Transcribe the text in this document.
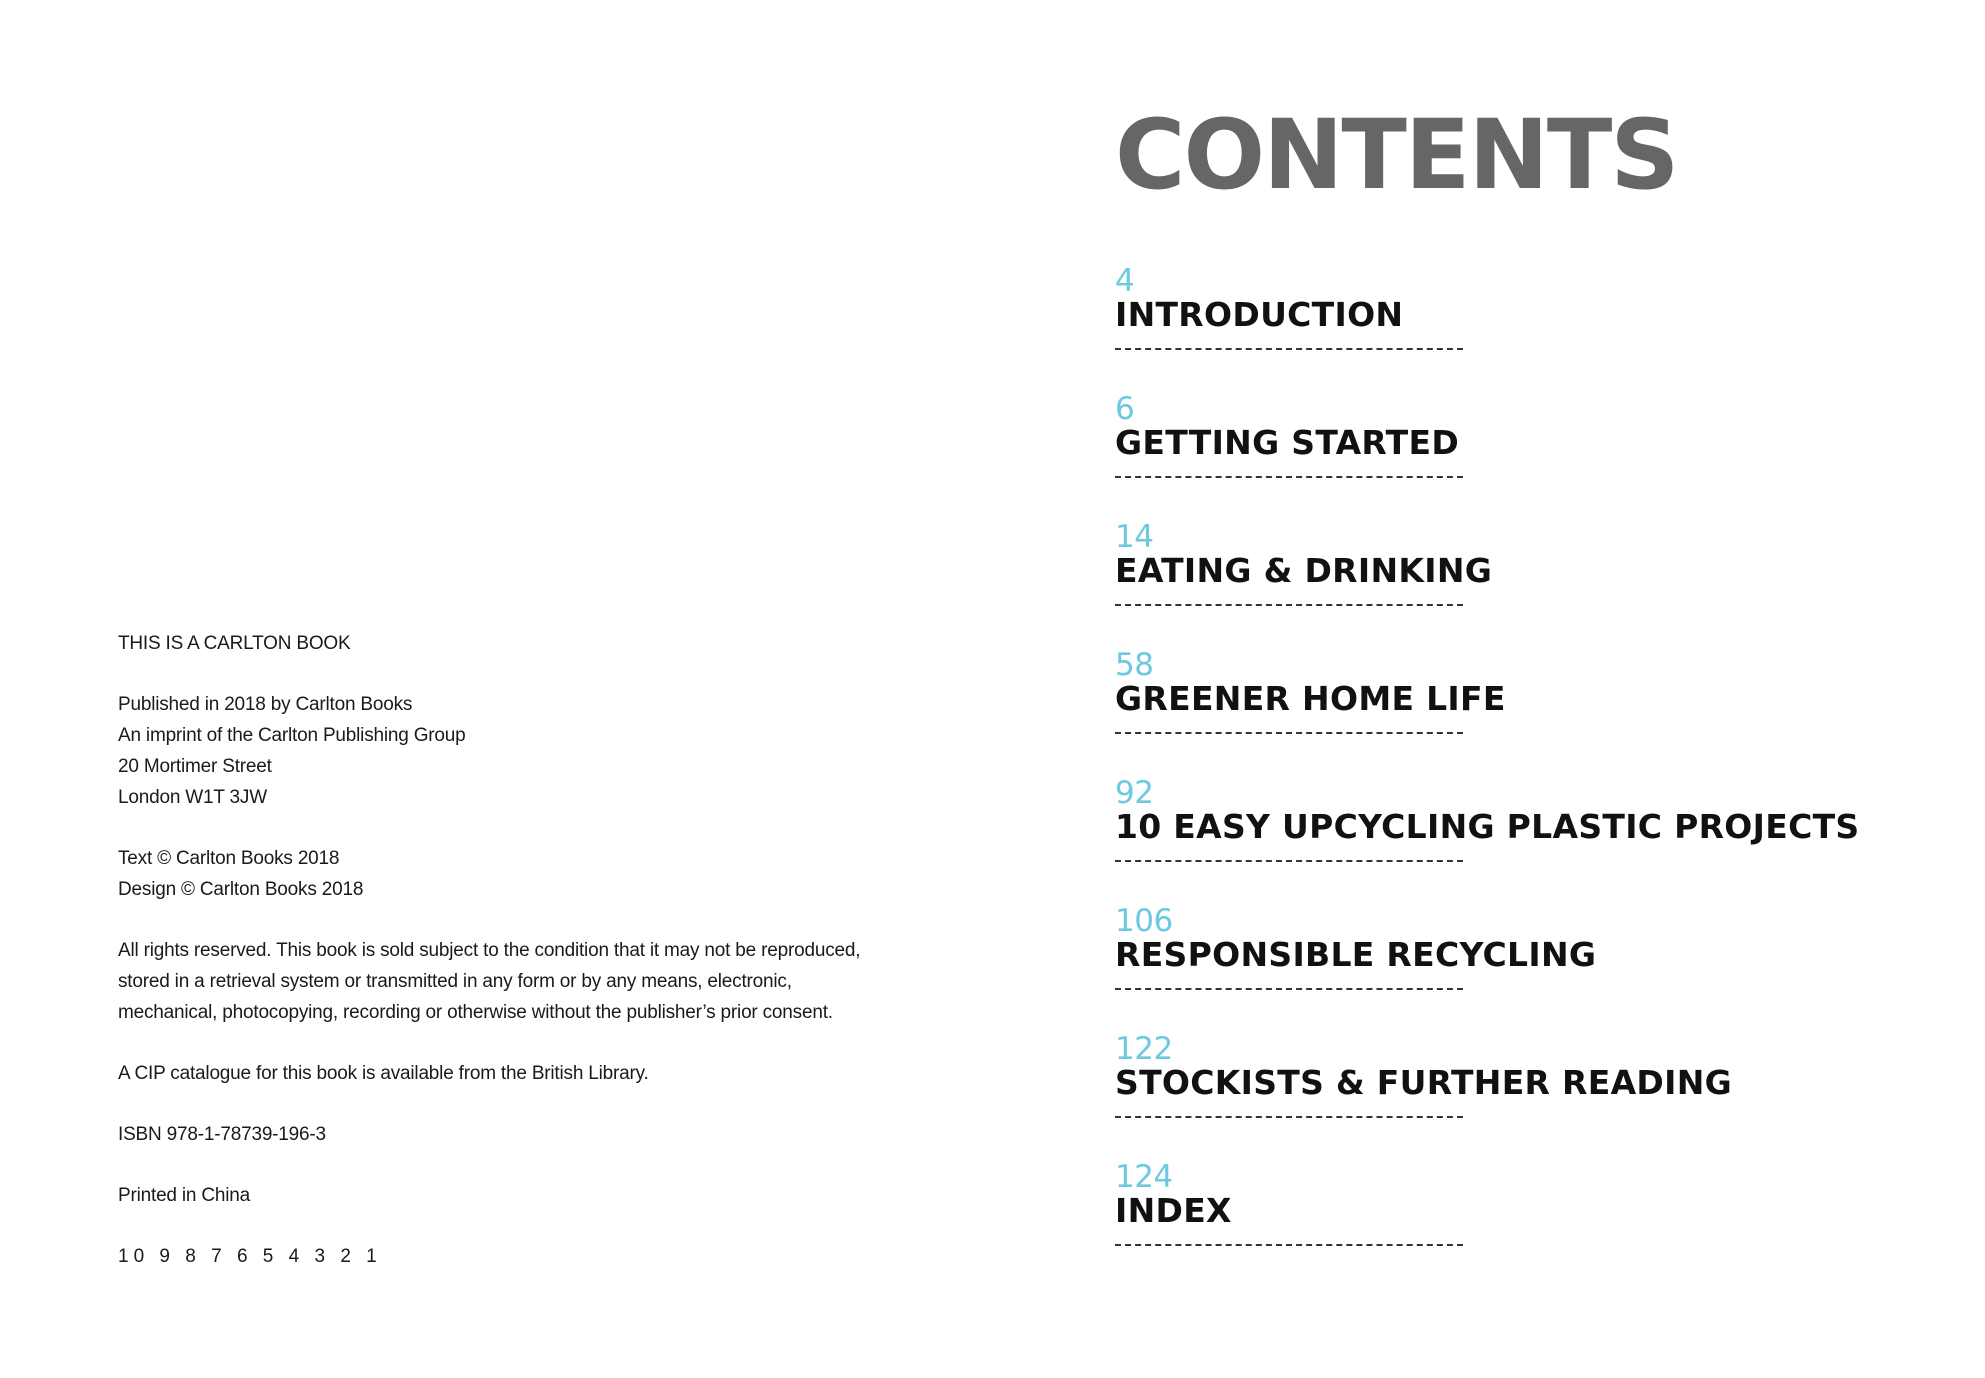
THIS IS A CARLTON BOOK

Published in 2018 by Carlton Books
An imprint of the Carlton Publishing Group
20 Mortimer Street
London W1T 3JW

Text © Carlton Books 2018
Design © Carlton Books 2018

All rights reserved. This book is sold subject to the condition that it may not be reproduced,
stored in a retrieval system or transmitted in any form or by any means, electronic,
mechanical, photocopying, recording or otherwise without the publisher’s prior consent.

A CIP catalogue for this book is available from the British Library.

ISBN 978-1-78739-196-3

Printed in China

10 9 8 7 6 5 4 3 2 1

CONTENTS
4
INTRODUCTION
6
GETTING STARTED
14
EATING & DRINKING
58
GREENER HOME LIFE
92
10 EASY UPCYCLING PLASTIC PROJECTS
106
RESPONSIBLE RECYCLING
122
STOCKISTS & FURTHER READING
124
INDEX
